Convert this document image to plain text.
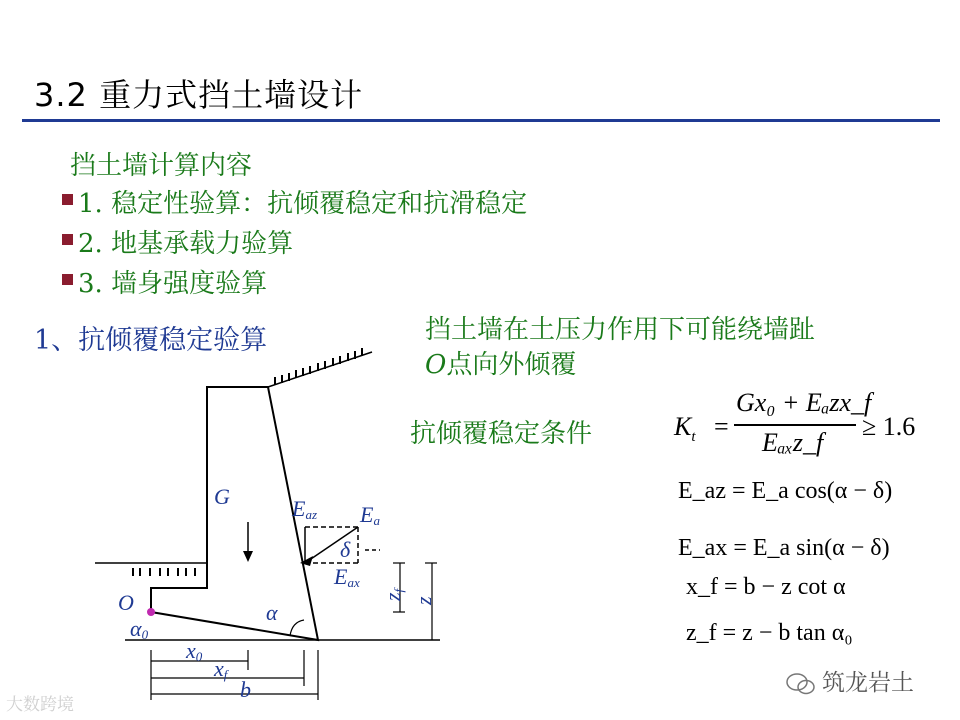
3.2 重力式挡土墙设计
挡土墙计算内容
1. 稳定性验算：抗倾覆稳定和抗滑稳定
2. 地基承载力验算
3. 墙身强度验算
1、抗倾覆稳定验算	挡土墙在土压力作用下可能绕墙趾
O点向外倾覆
抗倾覆稳定条件	$K_t$ =
Gx₀ + Eₐzx_f
Eₐₓz_f
≥ 1.6
E_az = E_a cos(α − δ)
E_ax = E_a sin(α − δ)
x_f = b − z cot α
z_f = z − b tan α₀
G	Eaz Ea
δ
Eax
zf
z
α
O
α0
x0 xf
b
大数跨境
筑龙岩土
